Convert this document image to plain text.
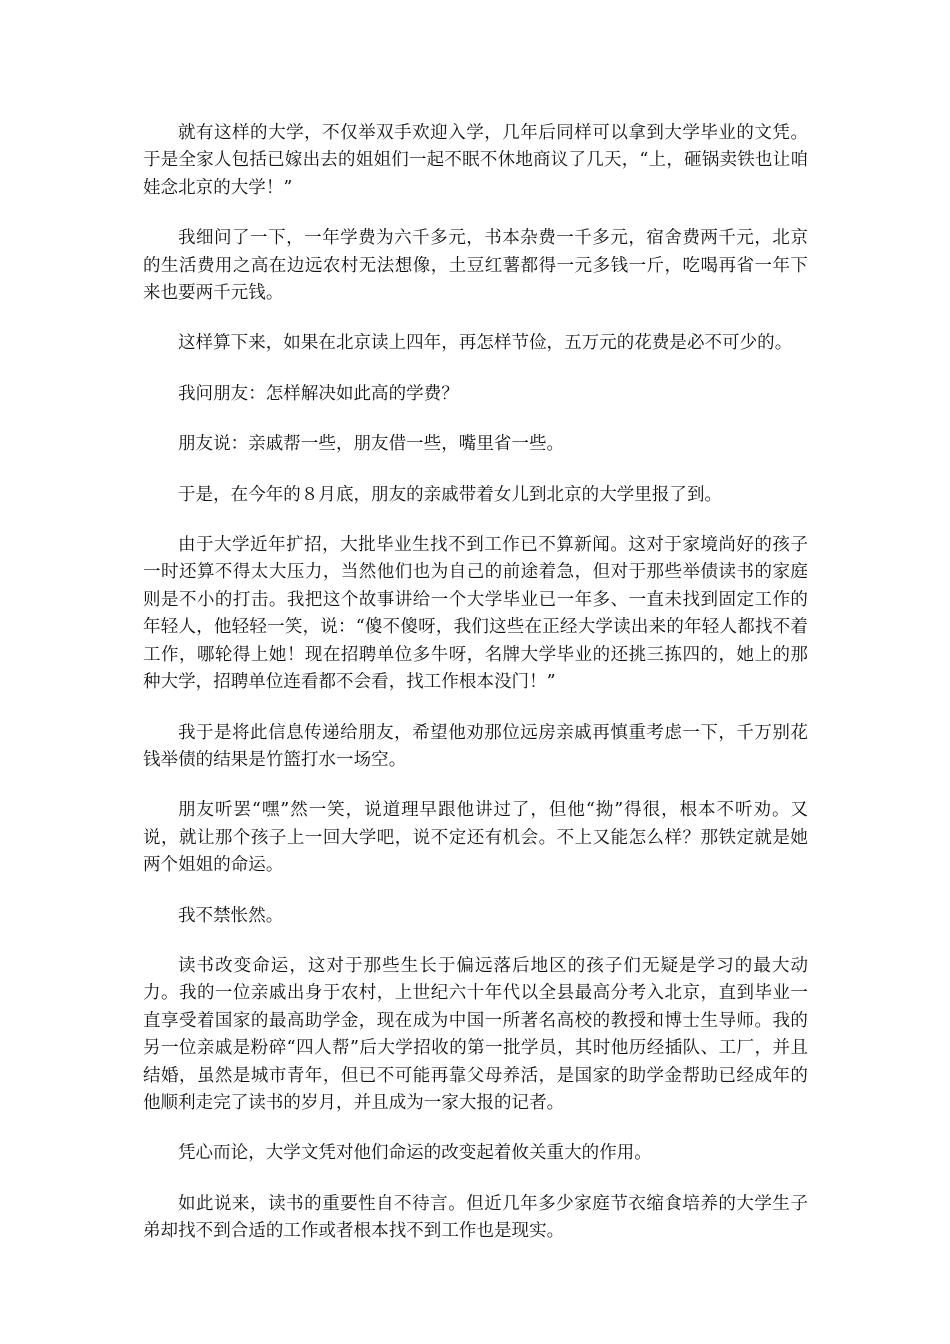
就有这样的大学，不仅举双手欢迎入学，几年后同样可以拿到大学毕业的文凭。于是全家人包括已嫁出去的姐姐们一起不眠不休地商议了几天，“上，砸锅卖铁也让咱娃念北京的大学！”

我细问了一下，一年学费为六千多元，书本杂费一千多元，宿舍费两千元，北京的生活费用之高在边远农村无法想像，土豆红薯都得一元多钱一斤，吃喝再省一年下来也要两千元钱。

这样算下来，如果在北京读上四年，再怎样节俭，五万元的花费是必不可少的。

我问朋友：怎样解决如此高的学费？

朋友说：亲戚帮一些，朋友借一些，嘴里省一些。

于是，在今年的８月底，朋友的亲戚带着女儿到北京的大学里报了到。

由于大学近年扩招，大批毕业生找不到工作已不算新闻。这对于家境尚好的孩子一时还算不得太大压力，当然他们也为自己的前途着急，但对于那些举债读书的家庭则是不小的打击。我把这个故事讲给一个大学毕业已一年多、一直未找到固定工作的年轻人，他轻轻一笑，说：“傻不傻呀，我们这些在正经大学读出来的年轻人都找不着工作，哪轮得上她！现在招聘单位多牛呀，名牌大学毕业的还挑三拣四的，她上的那种大学，招聘单位连看都不会看，找工作根本没门！”

我于是将此信息传递给朋友，希望他劝那位远房亲戚再慎重考虑一下，千万别花钱举债的结果是竹篮打水一场空。

朋友听罢“嘿”然一笑，说道理早跟他讲过了，但他“拗”得很，根本不听劝。又说，就让那个孩子上一回大学吧，说不定还有机会。不上又能怎么样？那铁定就是她两个姐姐的命运。

我不禁怅然。

读书改变命运，这对于那些生长于偏远落后地区的孩子们无疑是学习的最大动力。我的一位亲戚出身于农村，上世纪六十年代以全县最高分考入北京，直到毕业一直享受着国家的最高助学金，现在成为中国一所著名高校的教授和博士生导师。我的另一位亲戚是粉碎“四人帮”后大学招收的第一批学员，其时他历经插队、工厂，并且结婚，虽然是城市青年，但已不可能再靠父母养活，是国家的助学金帮助已经成年的他顺利走完了读书的岁月，并且成为一家大报的记者。

凭心而论，大学文凭对他们命运的改变起着攸关重大的作用。

如此说来，读书的重要性自不待言。但近几年多少家庭节衣缩食培养的大学生子弟却找不到合适的工作或者根本找不到工作也是现实。
